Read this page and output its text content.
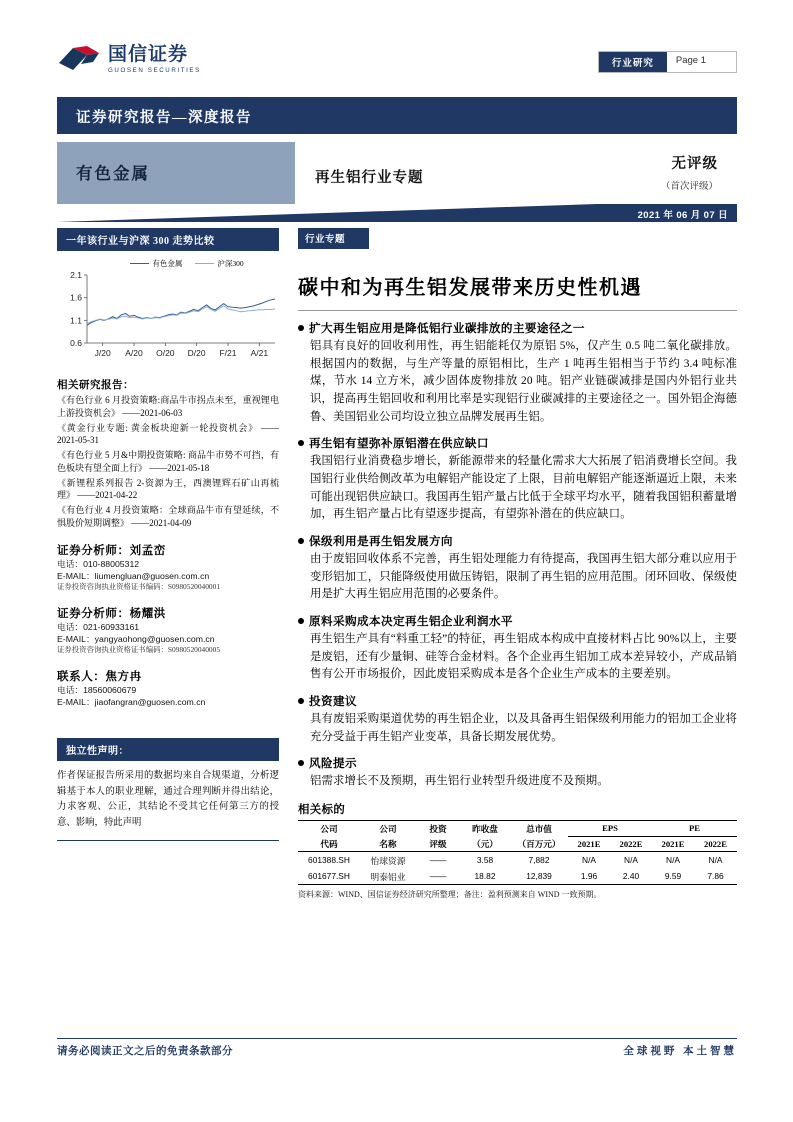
国信证券
GUOSEN SECURITIES
行业研究	Page 1
证券研究报告—深度报告
有色金属	再生铝行业专题
无评级
（首次评级）
2021 年 06 月 07 日
一年该行业与沪深 300 走势比较
有色金属	沪深300
0.6
1.1
1.6
2.1
J/20 A/20 O/20 D/20 F/21 A/21
相关研究报告：
《有色行业 6 月投资策略:商品牛市拐点未至，重视锂电上游投资机会》 ——2021-06-03
《黄金行业专题: 黄金板块迎新一轮投资机会》 ——2021-05-31
《有色行业 5 月&中期投资策略: 商品牛市势不可挡，有色板块有望全面上行》 ——2021-05-18
《新锂程系列报告 2-资源为王，西澳锂辉石矿山再梳理》 ——2021-04-22
《有色行业 4 月投资策略：全球商品牛市有望延续，不惧股价短期调整》 ——2021-04-09
证券分析师：刘孟峦
电话：010-88005312
E-MAIL：liumengluan@guosen.com.cn
证券投资咨询执业资格证书编码：S0980520040001
证券分析师：杨耀洪
电话：021-60933161
E-MAIL：yangyaohong@guosen.com.cn
证券投资咨询执业资格证书编码：S0980520040005
联系人：焦方冉
电话：18560060679
E-MAIL：jiaofangran@guosen.com.cn
独立性声明：
作者保证报告所采用的数据均来自合规渠道，分析逻辑基于本人的职业理解，通过合理判断并得出结论，力求客观、公正，其结论不受其它任何第三方的授意、影响，特此声明
行业专题
碳中和为再生铝发展带来历史性机遇
扩大再生铝应用是降低铝行业碳排放的主要途径之一
铝具有良好的回收利用性，再生铝能耗仅为原铝 5%，仅产生 0.5 吨二氧化碳排放。根据国内的数据，与生产等量的原铝相比，生产 1 吨再生铝相当于节约 3.4 吨标准煤，节水 14 立方米，减少固体废物排放 20 吨。铝产业链碳减排是国内外铝行业共识，提高再生铝回收和利用比率是实现铝行业碳减排的主要途径之一。国外铝企海德鲁、美国铝业公司均设立独立品牌发展再生铝。
再生铝有望弥补原铝潜在供应缺口
我国铝行业消费稳步增长，新能源带来的轻量化需求大大拓展了铝消费增长空间。我国铝行业供给侧改革为电解铝产能设定了上限，目前电解铝产能逐渐逼近上限，未来可能出现铝供应缺口。我国再生铝产量占比低于全球平均水平，随着我国铝积蓄量增加，再生铝产量占比有望逐步提高，有望弥补潜在的供应缺口。
保级利用是再生铝发展方向
由于废铝回收体系不完善，再生铝处理能力有待提高，我国再生铝大部分难以应用于变形铝加工，只能降级使用做压铸铝，限制了再生铝的应用范围。闭环回收、保级使用是扩大再生铝应用范围的必要条件。
原料采购成本决定再生铝企业利润水平
再生铝生产具有“料重工轻”的特征，再生铝成本构成中直接材料占比 90%以上，主要是废铝，还有少量铜、硅等合金材料。各个企业再生铝加工成本差异较小，产成品销售有公开市场报价，因此废铝采购成本是各个企业生产成本的主要差别。
投资建议
具有废铝采购渠道优势的再生铝企业，以及具备再生铝保级利用能力的铝加工企业将充分受益于再生铝产业变革，具备长期发展优势。
风险提示
铝需求增长不及预期，再生铝行业转型升级进度不及预期。
相关标的
公司	公司	投资	昨收盘	总市值	EPS		PE	
代码	名称	评级	（元）	（百万元）	2021E	2022E	2021E	2022E
601388.SH	怡球资源	——	3.58	7,882	N/A	N/A	N/A	N/A
601677.SH	明泰铝业	——	18.82	12,839	1.96	2.40	9.59	7.86
资料来源：WIND、国信证券经济研究所整理；备注：盈利预测来自 WIND 一致预期。
请务必阅读正文之后的免责条款部分	全球视野 本土智慧
